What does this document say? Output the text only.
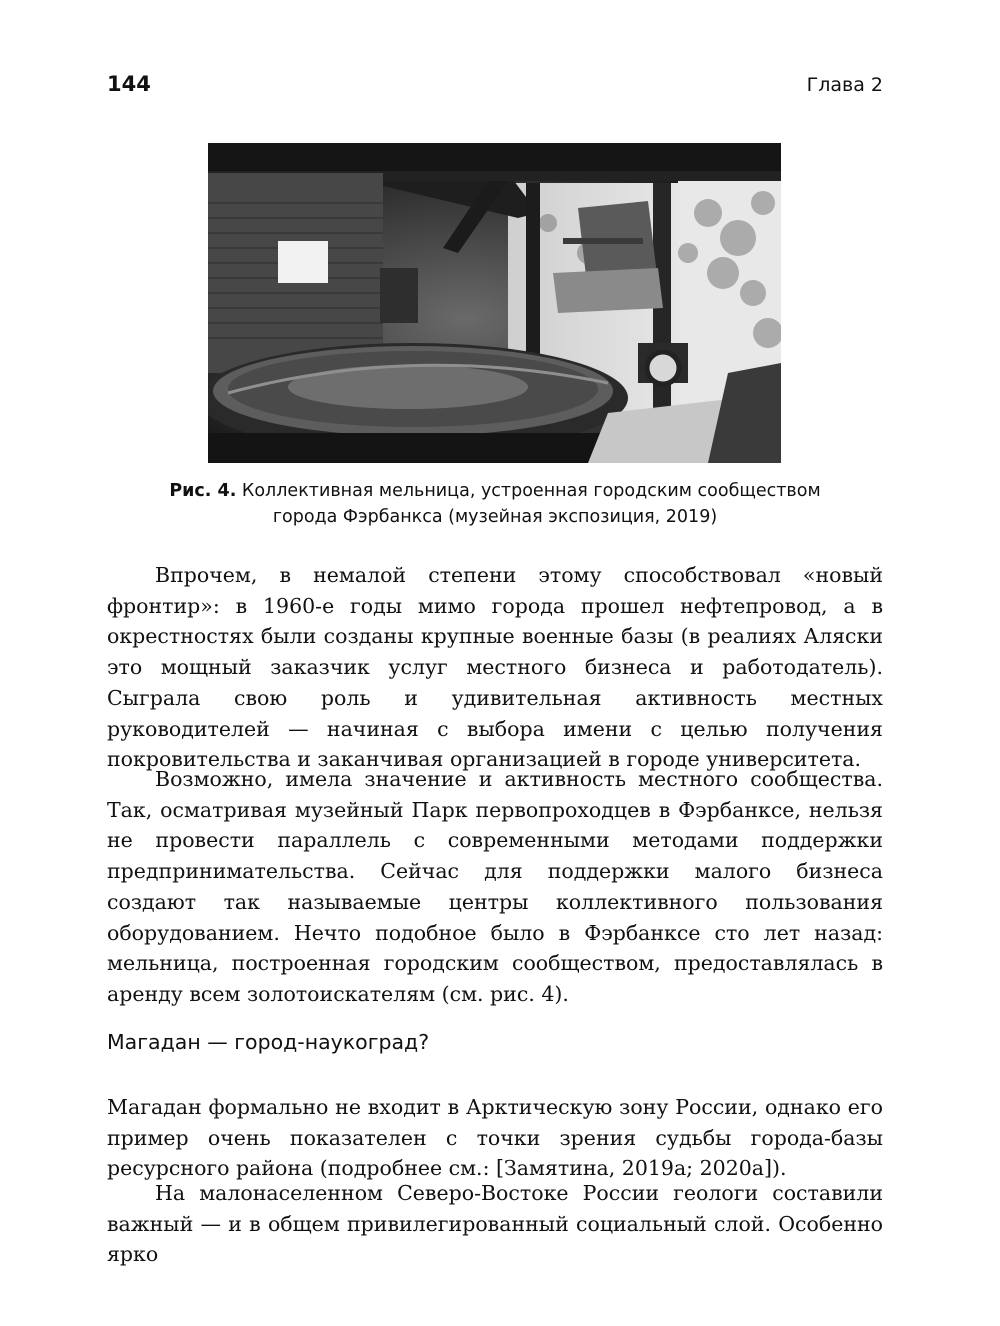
144	Глава 2
Рис. 4. Коллективная мельница, устроенная городским сообществом города Фэрбанкса (музейная экспозиция, 2019)

Впрочем, в немалой степени этому способствовал «новый фронтир»: в 1960-е годы мимо города прошел нефтепровод, а в окрестностях были созданы крупные военные базы (в реалиях Аляски это мощный заказчик услуг местного бизнеса и работодатель). Сыграла свою роль и удивительная активность местных руководителей — начиная с выбора имени с целью получения покровительства и заканчивая организацией в городе университета.

Возможно, имела значение и активность местного сообщества. Так, осматривая музейный Парк первопроходцев в Фэрбанксе, нельзя не провести параллель с современными методами поддержки предпринимательства. Сейчас для поддержки малого бизнеса создают так называемые центры коллективного пользования оборудованием. Нечто подобное было в Фэрбанксе сто лет назад: мельница, построенная городским сообществом, предоставлялась в аренду всем золотоискателям (см. рис. 4).

Магадан — город-наукоград?

Магадан формально не входит в Арктическую зону России, однако его пример очень показателен с точки зрения судьбы города-базы ресурсного района (подробнее см.: [Замятина, 2019а; 2020а]).

На малонаселенном Северо-Востоке России геологи составили важный — и в общем привилегированный социальный слой. Особенно ярко
